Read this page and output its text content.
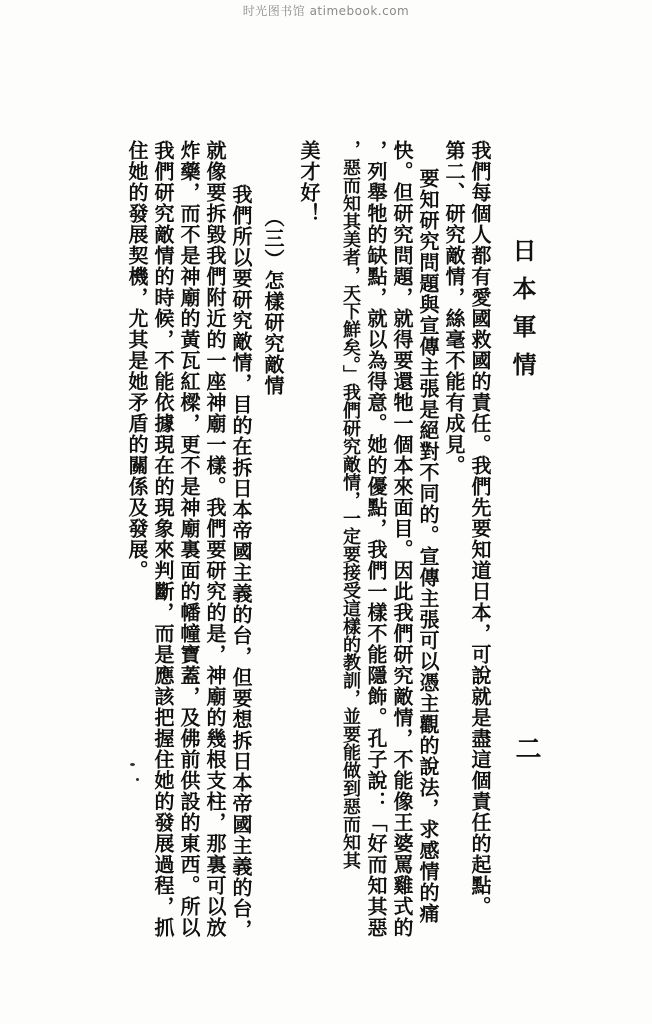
时光图书馆 atimebook.com
日本軍情
二
我們每個人都有愛國救國的責任。我們先要知道日本，可說就是盡這個責任的起點。
第二、研究敵情，絲毫不能有成見。
要知研究問題與宣傳主張是絕對不同的。宣傳主張可以憑主觀的說法，求感情的痛
快。但研究問題，就得要還牠一個本來面目。因此我們研究敵情，不能像王婆罵雞式的
，列舉牠的缺點，就以為得意。她的優點，我們一樣不能隱飾。孔子說：「好而知其惡
，惡而知其美者，天下鮮矣。」我們研究敵情，一定要接受這樣的教訓，並要能做到惡而知其
美才好！
（三）怎樣研究敵情
我們所以要研究敵情，目的在拆日本帝國主義的台，但要想拆日本帝國主義的台，
就像要拆毀我們附近的一座神廟一樣。我們要研究的是，神廟的幾根支柱，那裏可以放
炸藥，而不是神廟的黃瓦紅樑，更不是神廟裏面的幡幢寶蓋，及佛前供設的東西。所以
我們研究敵情的時候，不能依據現在的現象來判斷，而是應該把握住她的發展過程，抓
住她的發展契機，尤其是她矛盾的關係及發展。
